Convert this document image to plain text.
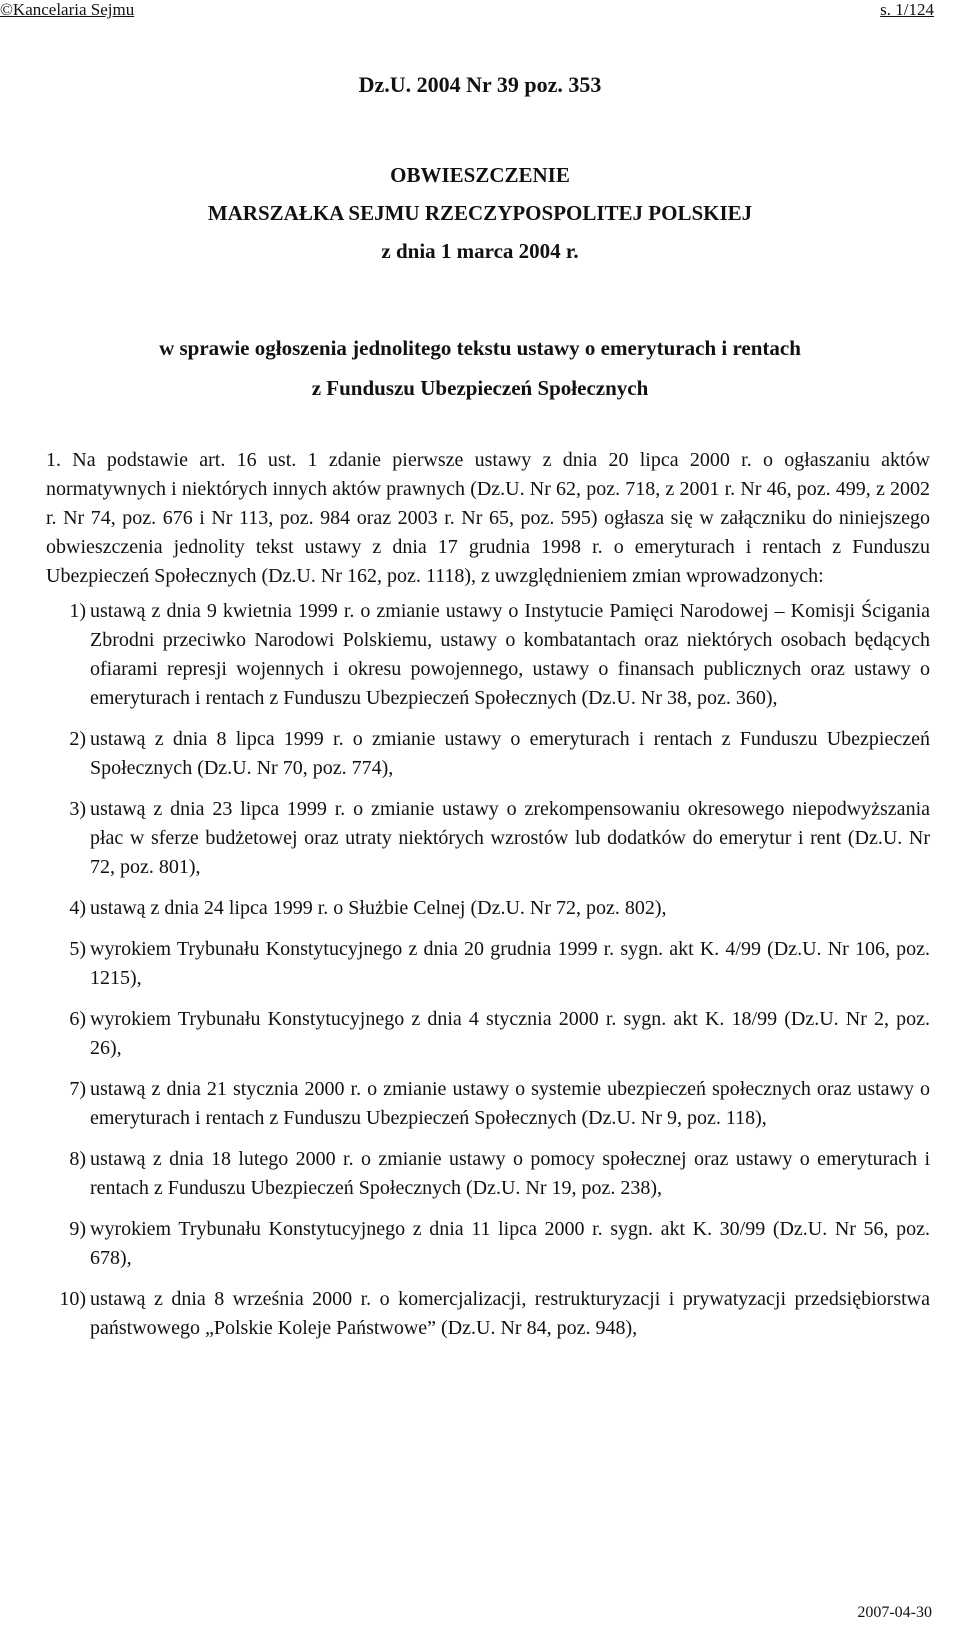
©Kancelaria Sejmu	s. 1/124
Dz.U. 2004 Nr 39 poz. 353
OBWIESZCZENIE
MARSZAŁKA SEJMU RZECZYPOSPOLITEJ POLSKIEJ
z dnia 1 marca 2004 r.
w sprawie ogłoszenia jednolitego tekstu ustawy o emeryturach i rentach
z Funduszu Ubezpieczeń Społecznych

1. Na podstawie art. 16 ust. 1 zdanie pierwsze ustawy z dnia 20 lipca 2000 r. o ogłaszaniu aktów normatywnych i niektórych innych aktów prawnych (Dz.U. Nr 62, poz. 718, z 2001 r. Nr 46, poz. 499, z 2002 r. Nr 74, poz. 676 i Nr 113, poz. 984 oraz 2003 r. Nr 65, poz. 595) ogłasza się w załączniku do niniejszego obwieszczenia jednolity tekst ustawy z dnia 17 grudnia 1998 r. o emeryturach i rentach z Funduszu Ubezpieczeń Społecznych (Dz.U. Nr 162, poz. 1118), z uwzględnieniem zmian wprowadzonych:

1) ustawą z dnia 9 kwietnia 1999 r. o zmianie ustawy o Instytucie Pamięci Narodowej – Komisji Ścigania Zbrodni przeciwko Narodowi Polskiemu, ustawy o kombatantach oraz niektórych osobach będących ofiarami represji wojennych i okresu powojennego, ustawy o finansach publicznych oraz ustawy o emeryturach i rentach z Funduszu Ubezpieczeń Społecznych (Dz.U. Nr 38, poz. 360),
2) ustawą z dnia 8 lipca 1999 r. o zmianie ustawy o emeryturach i rentach z Funduszu Ubezpieczeń Społecznych (Dz.U. Nr 70, poz. 774),
3) ustawą z dnia 23 lipca 1999 r. o zmianie ustawy o zrekompensowaniu okresowego niepodwyższania płac w sferze budżetowej oraz utraty niektórych wzrostów lub dodatków do emerytur i rent (Dz.U. Nr 72, poz. 801),
4) ustawą z dnia 24 lipca 1999 r. o Służbie Celnej (Dz.U. Nr 72, poz. 802),
5) wyrokiem Trybunału Konstytucyjnego z dnia 20 grudnia 1999 r. sygn. akt K. 4/99 (Dz.U. Nr 106, poz. 1215),
6) wyrokiem Trybunału Konstytucyjnego z dnia 4 stycznia 2000 r. sygn. akt K. 18/99 (Dz.U. Nr 2, poz. 26),
7) ustawą z dnia 21 stycznia 2000 r. o zmianie ustawy o systemie ubezpieczeń społecznych oraz ustawy o emeryturach i rentach z Funduszu Ubezpieczeń Społecznych (Dz.U. Nr 9, poz. 118),
8) ustawą z dnia 18 lutego 2000 r. o zmianie ustawy o pomocy społecznej oraz ustawy o emeryturach i rentach z Funduszu Ubezpieczeń Społecznych (Dz.U. Nr 19, poz. 238),
9) wyrokiem Trybunału Konstytucyjnego z dnia 11 lipca 2000 r. sygn. akt K. 30/99 (Dz.U. Nr 56, poz. 678),
10) ustawą z dnia 8 września 2000 r. o komercjalizacji, restrukturyzacji i prywatyzacji przedsiębiorstwa państwowego „Polskie Koleje Państwowe” (Dz.U. Nr 84, poz. 948),
2007-04-30
